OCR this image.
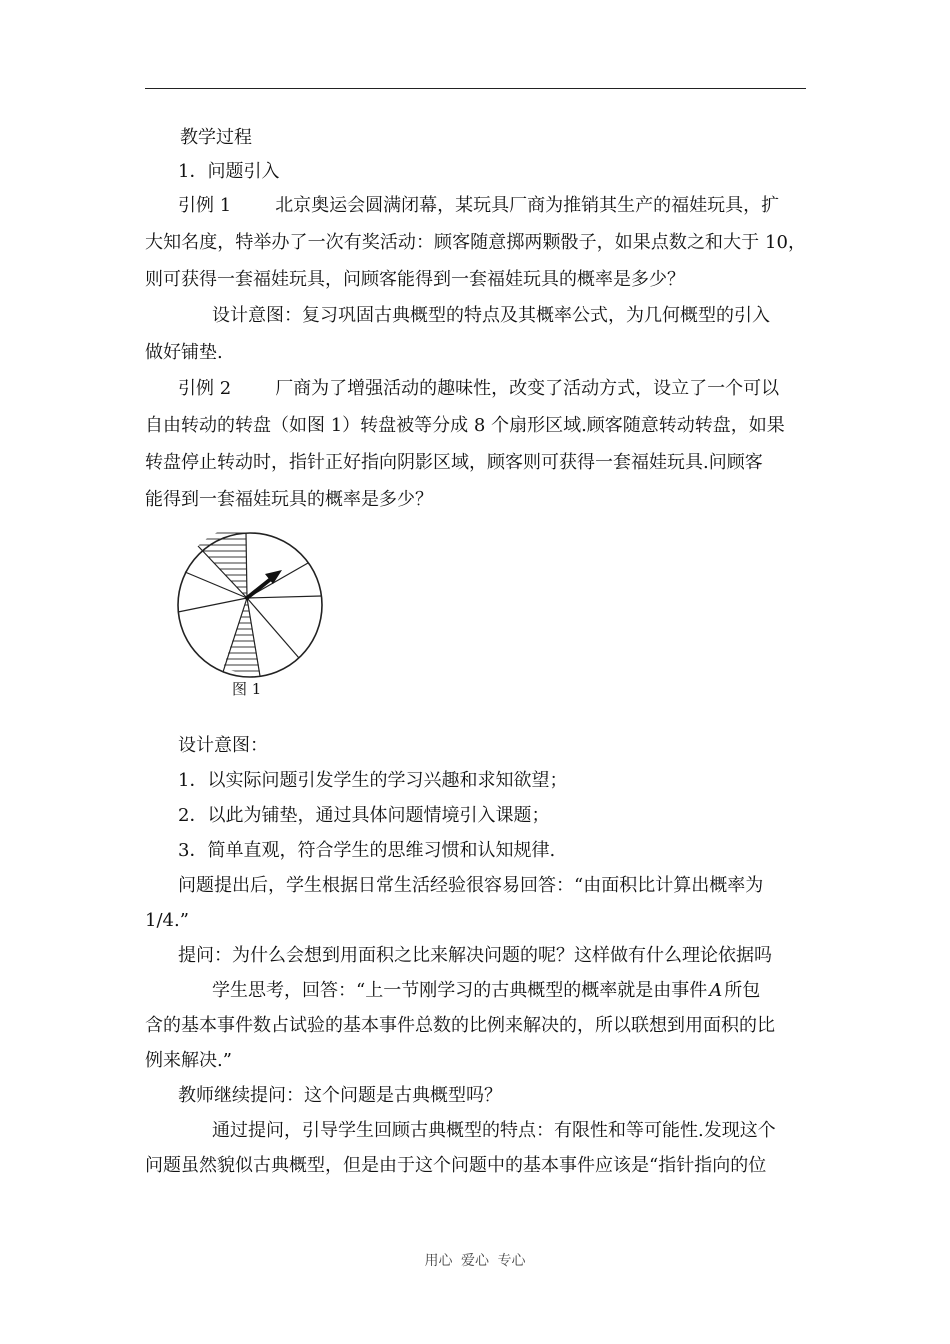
教学过程
1．问题引入
引例 1 北京奥运会圆满闭幕，某玩具厂商为推销其生产的福娃玩具，扩
大知名度，特举办了一次有奖活动：顾客随意掷两颗骰子，如果点数之和大于 10，
则可获得一套福娃玩具，问顾客能得到一套福娃玩具的概率是多少？
设计意图：复习巩固古典概型的特点及其概率公式，为几何概型的引入
做好铺垫.
引例 2 厂商为了增强活动的趣味性，改变了活动方式，设立了一个可以
自由转动的转盘（如图 1）转盘被等分成 8 个扇形区域.顾客随意转动转盘，如果
转盘停止转动时，指针正好指向阴影区域，顾客则可获得一套福娃玩具.问顾客
能得到一套福娃玩具的概率是多少？
图 1
设计意图：
1．以实际问题引发学生的学习兴趣和求知欲望；
2．以此为铺垫，通过具体问题情境引入课题；
3．简单直观，符合学生的思维习惯和认知规律.
问题提出后，学生根据日常生活经验很容易回答：“由面积比计算出概率为
1/4.”
提问：为什么会想到用面积之比来解决问题的呢？这样做有什么理论依据吗
学生思考，回答：“上一节刚学习的古典概型的概率就是由事件 A 所包
含的基本事件数占试验的基本事件总数的比例来解决的，所以联想到用面积的比
例来解决.”
教师继续提问：这个问题是古典概型吗？
通过提问，引导学生回顾古典概型的特点：有限性和等可能性.发现这个
问题虽然貌似古典概型，但是由于这个问题中的基本事件应该是“指针指向的位
用心 爱心 专心
